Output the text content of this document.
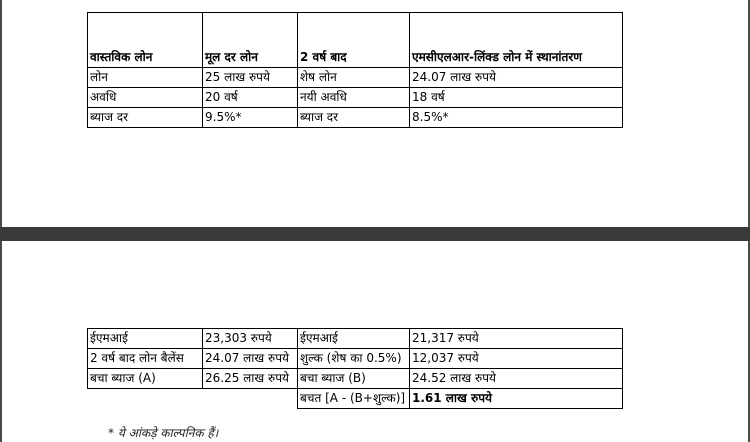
वास्तविक लोन	मूल दर लोन	2 वर्ष बाद	एमसीएलआर-लिंक्ड लोन में स्थानांतरण
लोन	25 लाख रुपये	शेष लोन	24.07 लाख रुपये
अवधि	20 वर्ष	नयी अवधि	18 वर्ष
ब्याज दर	9.5%*	ब्याज दर	8.5%*
ईएमआई	23,303 रुपये	ईएमआई	21,317 रुपये
2 वर्ष बाद लोन बैलेंस	24.07 लाख रुपये	शुल्क (शेष का 0.5%)	12,037 रुपये
बचा ब्याज (A)	26.25 लाख रुपये	बचा ब्याज (B)	24.52 लाख रुपये
		बचत [A - (B+शुल्क)]	1.61 लाख रुपये
* ये आंकड़े काल्पनिक हैं।
